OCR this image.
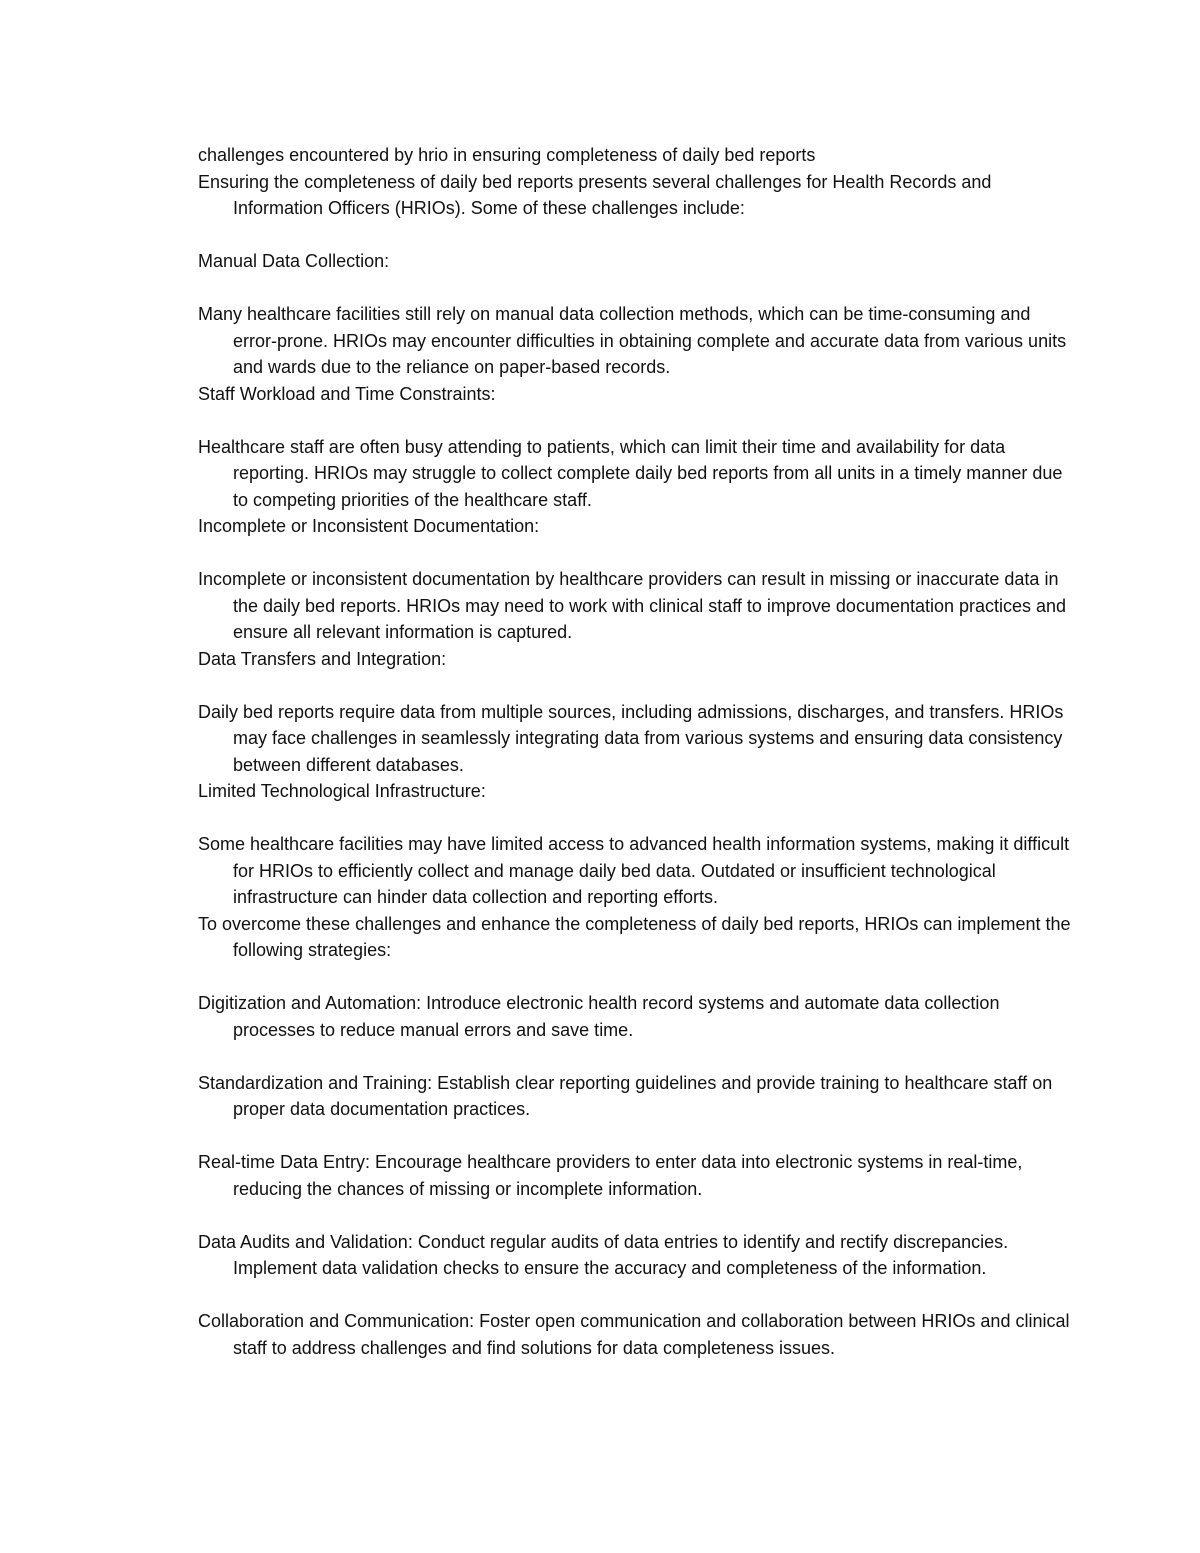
challenges encountered by hrio in ensuring completeness of daily bed reports

Ensuring the completeness of daily bed reports presents several challenges for Health Records and Information Officers (HRIOs). Some of these challenges include:

Manual Data Collection:

Many healthcare facilities still rely on manual data collection methods, which can be time-consuming and error-prone. HRIOs may encounter difficulties in obtaining complete and accurate data from various units and wards due to the reliance on paper-based records.

Staff Workload and Time Constraints:

Healthcare staff are often busy attending to patients, which can limit their time and availability for data reporting. HRIOs may struggle to collect complete daily bed reports from all units in a timely manner due to competing priorities of the healthcare staff.

Incomplete or Inconsistent Documentation:

Incomplete or inconsistent documentation by healthcare providers can result in missing or inaccurate data in the daily bed reports. HRIOs may need to work with clinical staff to improve documentation practices and ensure all relevant information is captured.

Data Transfers and Integration:

Daily bed reports require data from multiple sources, including admissions, discharges, and transfers. HRIOs may face challenges in seamlessly integrating data from various systems and ensuring data consistency between different databases.

Limited Technological Infrastructure:

Some healthcare facilities may have limited access to advanced health information systems, making it difficult for HRIOs to efficiently collect and manage daily bed data. Outdated or insufficient technological infrastructure can hinder data collection and reporting efforts.

To overcome these challenges and enhance the completeness of daily bed reports, HRIOs can implement the following strategies:

Digitization and Automation: Introduce electronic health record systems and automate data collection processes to reduce manual errors and save time.

Standardization and Training: Establish clear reporting guidelines and provide training to healthcare staff on proper data documentation practices.

Real-time Data Entry: Encourage healthcare providers to enter data into electronic systems in real-time, reducing the chances of missing or incomplete information.

Data Audits and Validation: Conduct regular audits of data entries to identify and rectify discrepancies. Implement data validation checks to ensure the accuracy and completeness of the information.

Collaboration and Communication: Foster open communication and collaboration between HRIOs and clinical staff to address challenges and find solutions for data completeness issues.
